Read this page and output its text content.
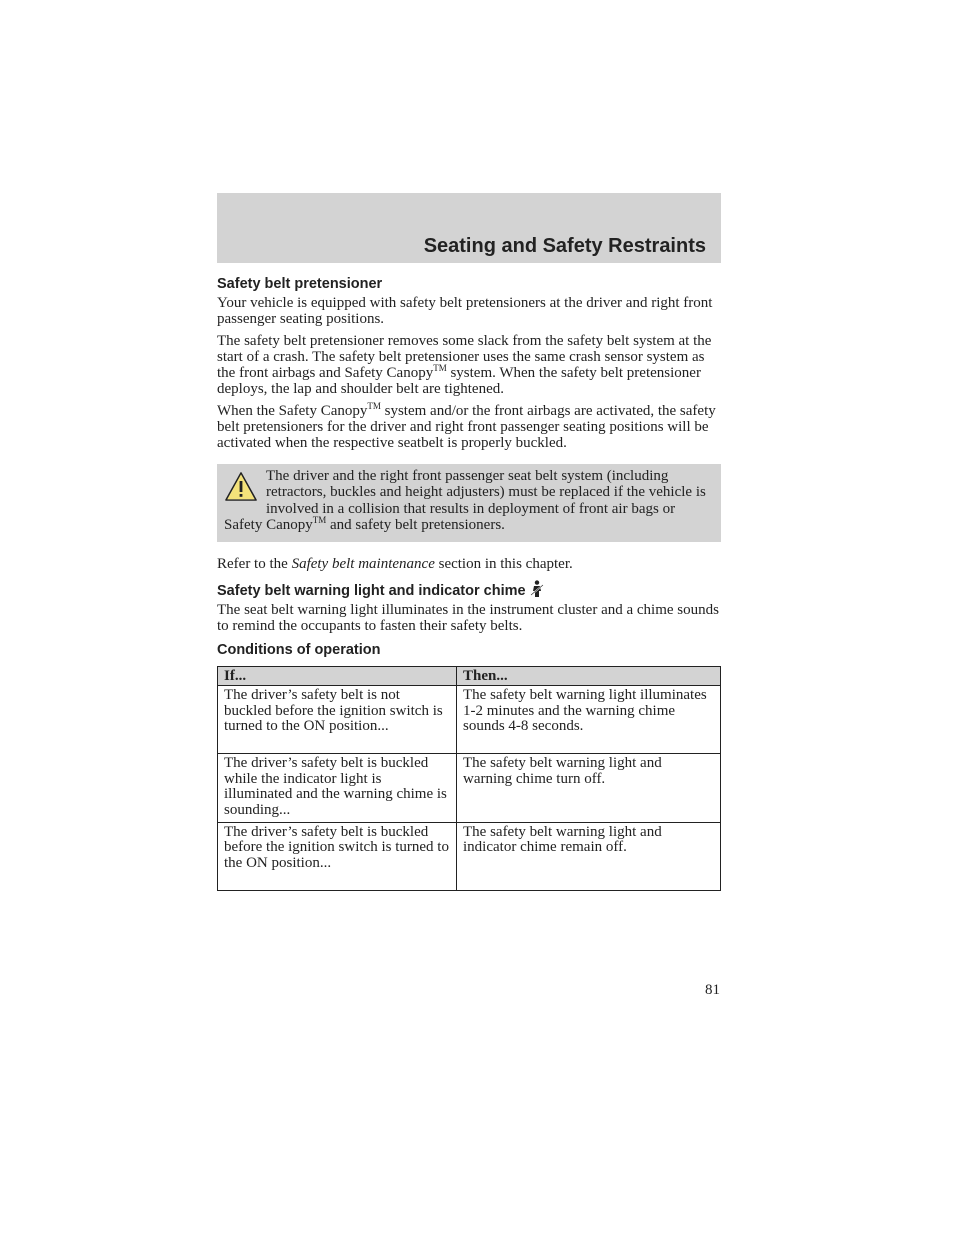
Seating and Safety Restraints
Safety belt pretensioner

Your vehicle is equipped with safety belt pretensioners at the driver and right front passenger seating positions.

The safety belt pretensioner removes some slack from the safety belt system at the start of a crash. The safety belt pretensioner uses the same crash sensor system as the front airbags and Safety Canopy™ system. When the safety belt pretensioner deploys, the lap and shoulder belt are tightened.

When the Safety Canopy™ system and/or the front airbags are activated, the safety belt pretensioners for the driver and right front passenger seating positions will be activated when the respective seatbelt is properly buckled.

The driver and the right front passenger seat belt system (including retractors, buckles and height adjusters) must be replaced if the vehicle is involved in a collision that results in deployment of front air bags or Safety Canopy™ and safety belt pretensioners.

Refer to the Safety belt maintenance section in this chapter.

Safety belt warning light and indicator chime

The seat belt warning light illuminates in the instrument cluster and a chime sounds to remind the occupants to fasten their safety belts.

Conditions of operation
If...	Then...
The driver’s safety belt is not buckled before the ignition switch is turned to the ON position...	The safety belt warning light illuminates 1-2 minutes and the warning chime sounds 4-8 seconds.
The driver’s safety belt is buckled while the indicator light is illuminated and the warning chime is sounding...	The safety belt warning light and warning chime turn off.
The driver’s safety belt is buckled before the ignition switch is turned to the ON position...	The safety belt warning light and indicator chime remain off.
81
